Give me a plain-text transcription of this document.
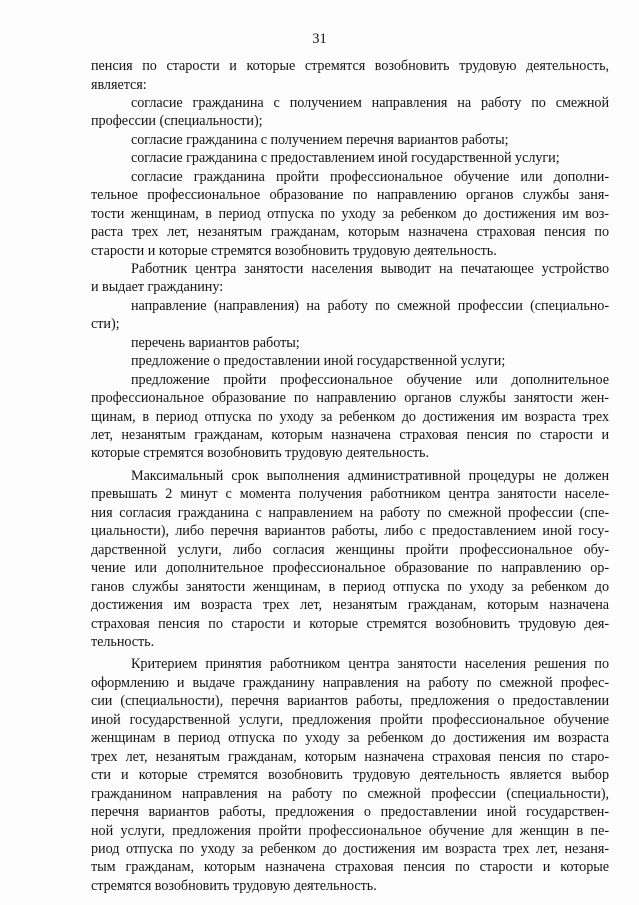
31
пенсия по старости и которые стремятся возобновить трудовую деятельность,
является:
согласие гражданина с получением направления на работу по смежной
профессии (специальности);
согласие гражданина с получением перечня вариантов работы;
согласие гражданина с предоставлением иной государственной услуги;
согласие гражданина пройти профессиональное обучение или дополни-
тельное профессиональное образование по направлению органов службы заня-
тости женщинам, в период отпуска по уходу за ребенком до достижения им воз-
раста трех лет, незанятым гражданам, которым назначена страховая пенсия по
старости и которые стремятся возобновить трудовую деятельность.
Работник центра занятости населения выводит на печатающее устройство
и выдает гражданину:
направление (направления) на работу по смежной профессии (специально-
сти);
перечень вариантов работы;
предложение о предоставлении иной государственной услуги;
предложение пройти профессиональное обучение или дополнительное
профессиональное образование по направлению органов службы занятости жен-
щинам, в период отпуска по уходу за ребенком до достижения им возраста трех
лет, незанятым гражданам, которым назначена страховая пенсия по старости и
которые стремятся возобновить трудовую деятельность.
Максимальный срок выполнения административной процедуры не должен
превышать 2 минут с момента получения работником центра занятости населе-
ния согласия гражданина с направлением на работу по смежной профессии (спе-
циальности), либо перечня вариантов работы, либо с предоставлением иной госу-
дарственной услуги, либо согласия женщины пройти профессиональное обу-
чение или дополнительное профессиональное образование по направлению ор-
ганов службы занятости женщинам, в период отпуска по уходу за ребенком до
достижения им возраста трех лет, незанятым гражданам, которым назначена
страховая пенсия по старости и которые стремятся возобновить трудовую дея-
тельность.
Критерием принятия работником центра занятости населения решения по
оформлению и выдаче гражданину направления на работу по смежной профес-
сии (специальности), перечня вариантов работы, предложения о предоставлении
иной государственной услуги, предложения пройти профессиональное обучение
женщинам в период отпуска по уходу за ребенком до достижения им возраста
трех лет, незанятым гражданам, которым назначена страховая пенсия по старо-
сти и которые стремятся возобновить трудовую деятельность является выбор
гражданином направления на работу по смежной профессии (специальности),
перечня вариантов работы, предложения о предоставлении иной государствен-
ной услуги, предложения пройти профессиональное обучение для женщин в пе-
риод отпуска по уходу за ребенком до достижения им возраста трех лет, незаня-
тым гражданам, которым назначена страховая пенсия по старости и которые
стремятся возобновить трудовую деятельность.
